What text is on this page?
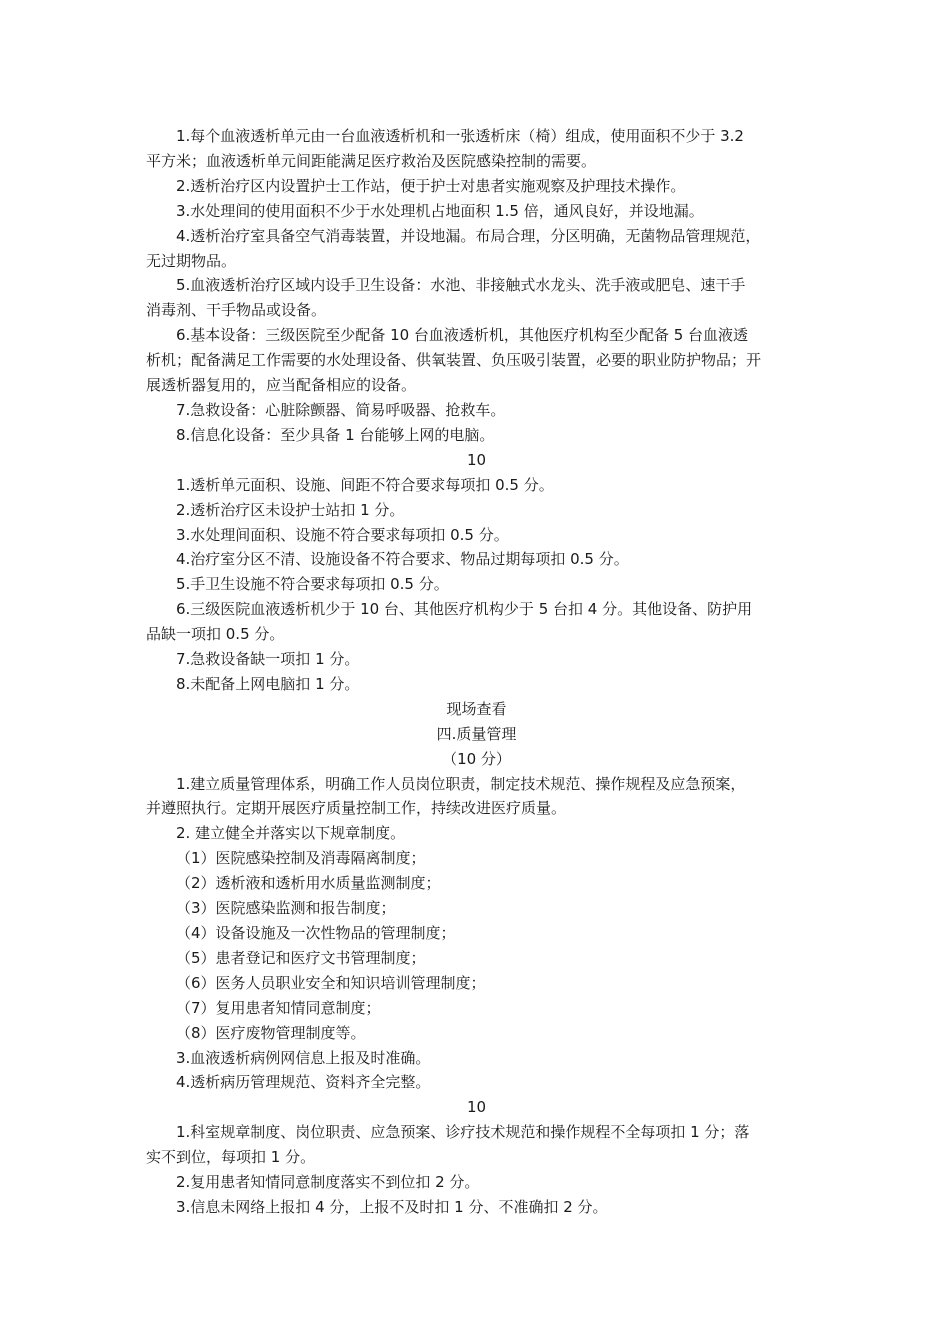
1.每个血液透析单元由一台血液透析机和一张透析床（椅）组成，使用面积不少于 3.2
平方米；血液透析单元间距能满足医疗救治及医院感染控制的需要。
2.透析治疗区内设置护士工作站，便于护士对患者实施观察及护理技术操作。
3.水处理间的使用面积不少于水处理机占地面积 1.5 倍，通风良好，并设地漏。
4.透析治疗室具备空气消毒装置，并设地漏。布局合理，分区明确，无菌物品管理规范，
无过期物品。
5.血液透析治疗区域内设手卫生设备：水池、非接触式水龙头、洗手液或肥皂、速干手
消毒剂、干手物品或设备。
6.基本设备：三级医院至少配备 10 台血液透析机，其他医疗机构至少配备 5 台血液透
析机；配备满足工作需要的水处理设备、供氧装置、负压吸引装置，必要的职业防护物品；开
展透析器复用的，应当配备相应的设备。
7.急救设备：心脏除颤器、简易呼吸器、抢救车。
8.信息化设备：至少具备 1 台能够上网的电脑。
10
1.透析单元面积、设施、间距不符合要求每项扣 0.5 分。
2.透析治疗区未设护士站扣 1 分。
3.水处理间面积、设施不符合要求每项扣 0.5 分。
4.治疗室分区不清、设施设备不符合要求、物品过期每项扣 0.5 分。
5.手卫生设施不符合要求每项扣 0.5 分。
6.三级医院血液透析机少于 10 台、其他医疗机构少于 5 台扣 4 分。其他设备、防护用
品缺一项扣 0.5 分。
7.急救设备缺一项扣 1 分。
8.未配备上网电脑扣 1 分。
现场查看
四.质量管理
（10 分）
1.建立质量管理体系，明确工作人员岗位职责，制定技术规范、操作规程及应急预案，
并遵照执行。定期开展医疗质量控制工作，持续改进医疗质量。
2. 建立健全并落实以下规章制度。
（1）医院感染控制及消毒隔离制度；
（2）透析液和透析用水质量监测制度；
（3）医院感染监测和报告制度；
（4）设备设施及一次性物品的管理制度；
（5）患者登记和医疗文书管理制度；
（6）医务人员职业安全和知识培训管理制度；
（7）复用患者知情同意制度；
（8）医疗废物管理制度等。
3.血液透析病例网信息上报及时准确。
4.透析病历管理规范、资料齐全完整。
10
1.科室规章制度、岗位职责、应急预案、诊疗技术规范和操作规程不全每项扣 1 分；落
实不到位，每项扣 1 分。
2.复用患者知情同意制度落实不到位扣 2 分。
3.信息未网络上报扣 4 分，上报不及时扣 1 分、不准确扣 2 分。
